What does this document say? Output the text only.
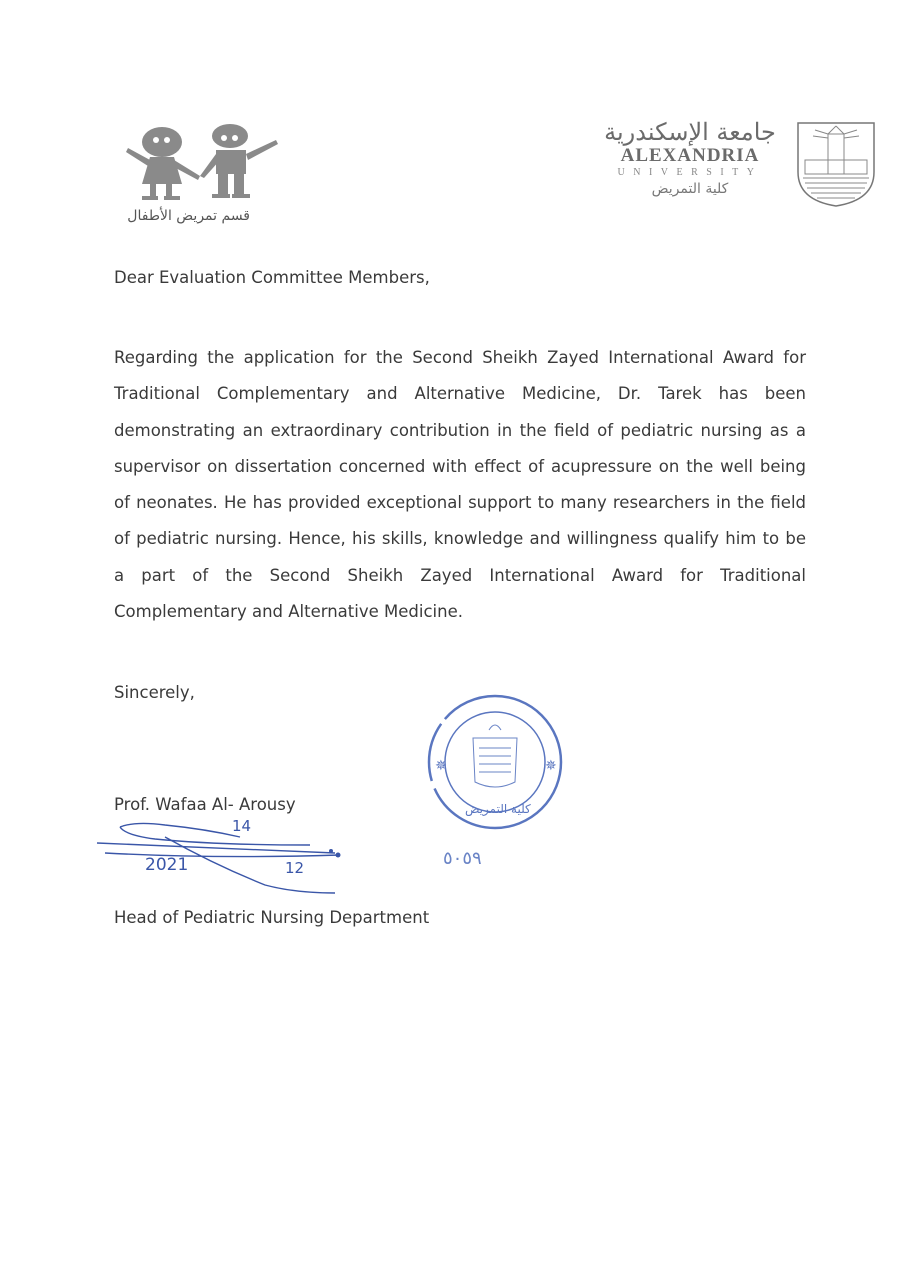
قسم تمريض الأطفال
جامعة الإسكندرية
ALEXANDRIA
UNIVERSITY
كلية التمريض
Dear Evaluation Committee Members,
Regarding the application for the Second Sheikh Zayed International Award for Traditional Complementary and Alternative Medicine, Dr. Tarek has been demonstrating an extraordinary contribution in the field of pediatric nursing as a supervisor on dissertation concerned with effect of acupressure on the well being of neonates. He has provided exceptional support to many researchers in the field of pediatric nursing. Hence, his skills, knowledge and willingness qualify him to be a part of the Second Sheikh Zayed International Award for Traditional Complementary and Alternative Medicine.
Sincerely,
Prof. Wafaa Al- Arousy
14
12
2021
Head of Pediatric Nursing Department
✵	✵
كلية التمريض
٥٠٥٩
